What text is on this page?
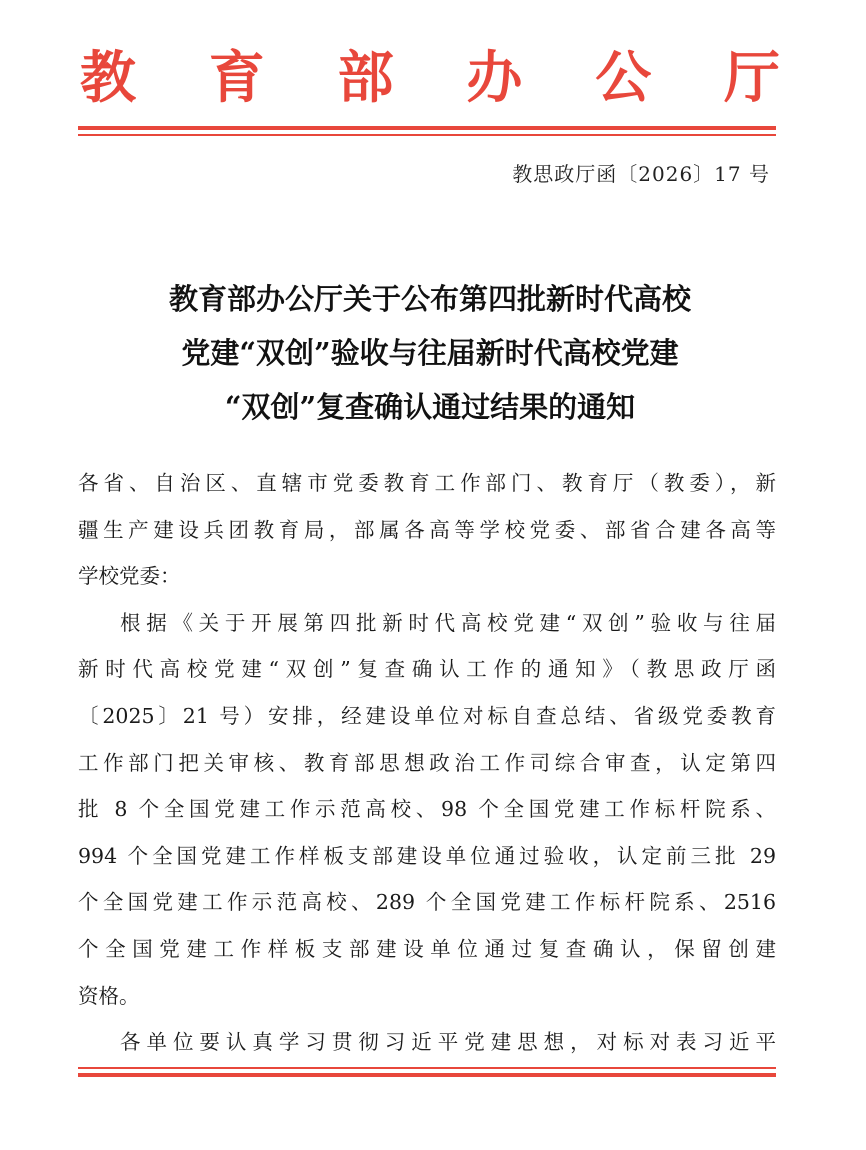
教 育 部 办 公 厅
教思政厅函〔2026〕17 号
教育部办公厅关于公布第四批新时代高校
党建“双创”验收与往届新时代高校党建
“双创”复查确认通过结果的通知
各省、自治区、直辖市党委教育工作部门、教育厅（教委），新
疆生产建设兵团教育局，部属各高等学校党委、部省合建各高等
学校党委：
根据《关于开展第四批新时代高校党建“双创”验收与往届
新时代高校党建“双创”复查确认工作的通知》（教思政厅函
〔2025〕21 号）安排，经建设单位对标自查总结、省级党委教育
工作部门把关审核、教育部思想政治工作司综合审查，认定第四
批 8 个全国党建工作示范高校、98 个全国党建工作标杆院系、
994 个全国党建工作样板支部建设单位通过验收，认定前三批 29
个全国党建工作示范高校、289 个全国党建工作标杆院系、2516
个全国党建工作样板支部建设单位通过复查确认，保留创建
资格。
各单位要认真学习贯彻习近平党建思想，对标对表习近平
